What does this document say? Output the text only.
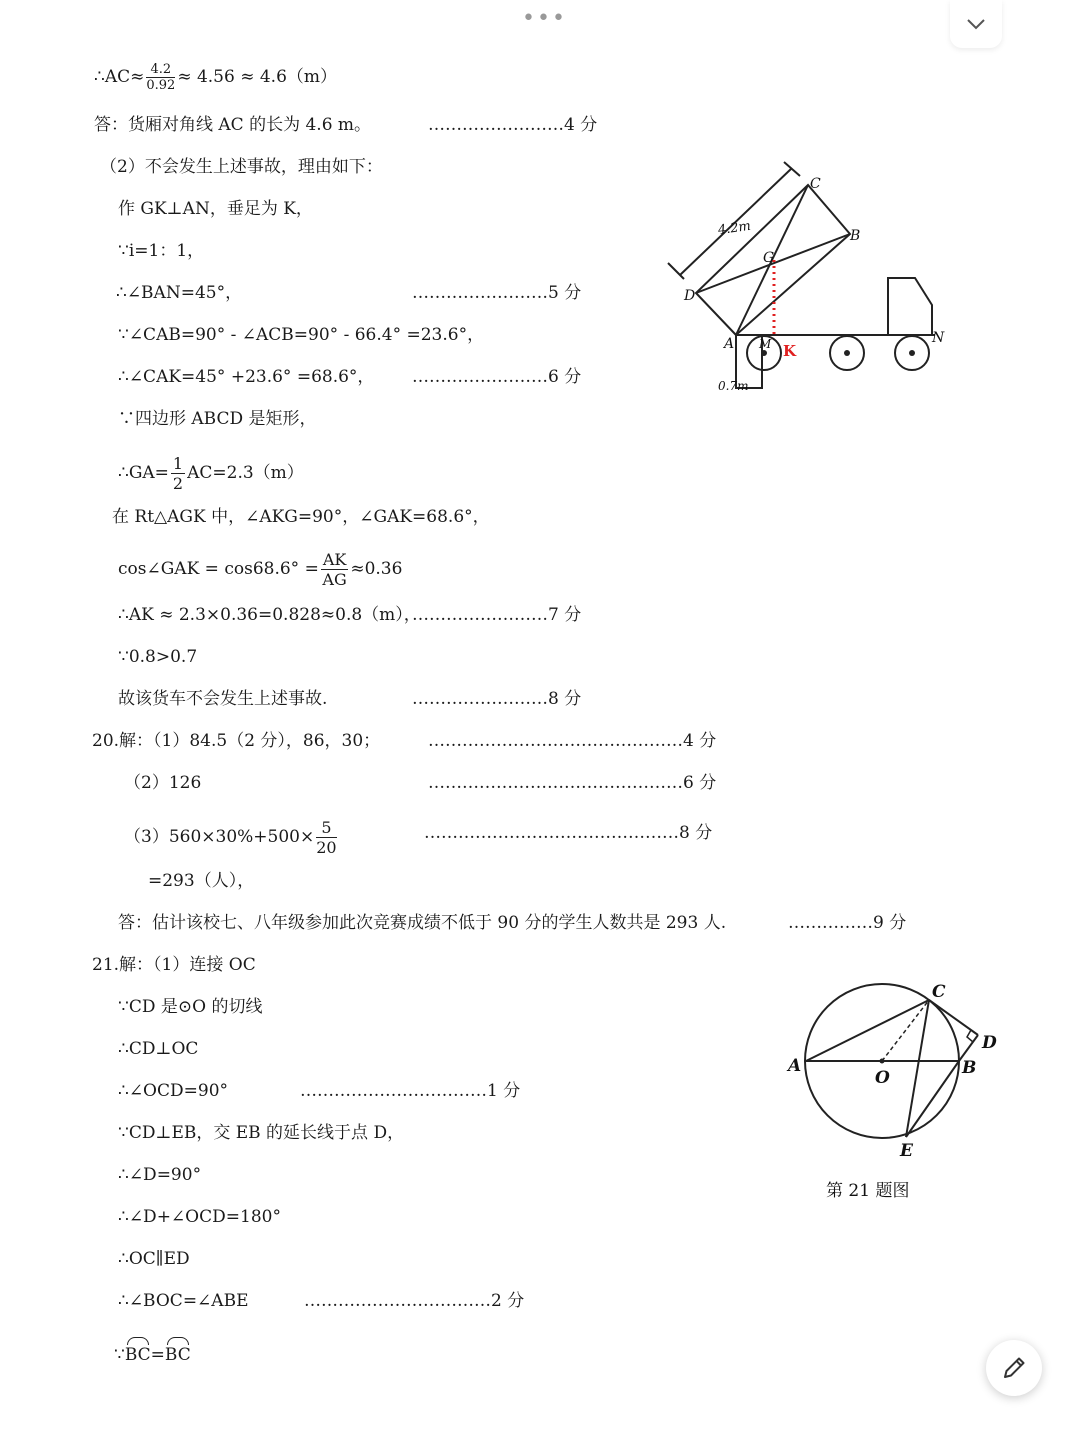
•••
∴AC≈ $\frac{4.2}{0.92} \approx 4.56 \approx 4.6(m)$
答：货厢对角线 AC 的长为 4.6 m。	……………………4 分
（2）不会发生上述事故，理由如下：
作 GK⊥AN，垂足为 K，
∵i=1：1，
∴∠BAN=45°，	……………………5 分
∵∠CAB=90° - ∠ACB=90° - 66.4° =23.6°，
∴∠CAK=45° +23.6° =68.6°， ……………………6 分
∵四边形 ABCD 是矩形，
∴GA= $\frac{1}{2} AC=2.3(m)$
在 Rt△AGK 中，∠AKG=90°，∠GAK=68.6°，
cos∠GAK = $\cos 68.6^\circ = \frac{AK}{AG} \approx 0.36$
∴AK ≈ 2.3×0.36=0.828≈0.8（m），
……………………7 分
∵0.8>0.7
故该货车不会发生上述事故.	……………………8 分
20.解：（1）84.5（2 分），86，30；	………………………………………4 分
（2）126	………………………………………6 分
$(3)560\times 30\%+500\times \frac{5}{20}$	………………………………………8 分
=293（人），
答：估计该校七、八年级参加此次竞赛成绩不低于 90 分的学生人数共是 293 人.	……………9 分
21.解：（1）连接 OC
∵CD 是⊙O 的切线
∴CD⊥OC
∴∠OCD=90°	……………………………1 分
∵CD⊥EB，交 EB 的延长线于点 D，
∴∠D=90°
∴∠D+∠OCD=180°
∴OC∥ED
∴∠BOC=∠ABE	……………………………2 分
∵BC=BC
0.7m
4.2m
A
B
C
D
G
M	N
K
A	B
C
D
E
O
第 21 题图
